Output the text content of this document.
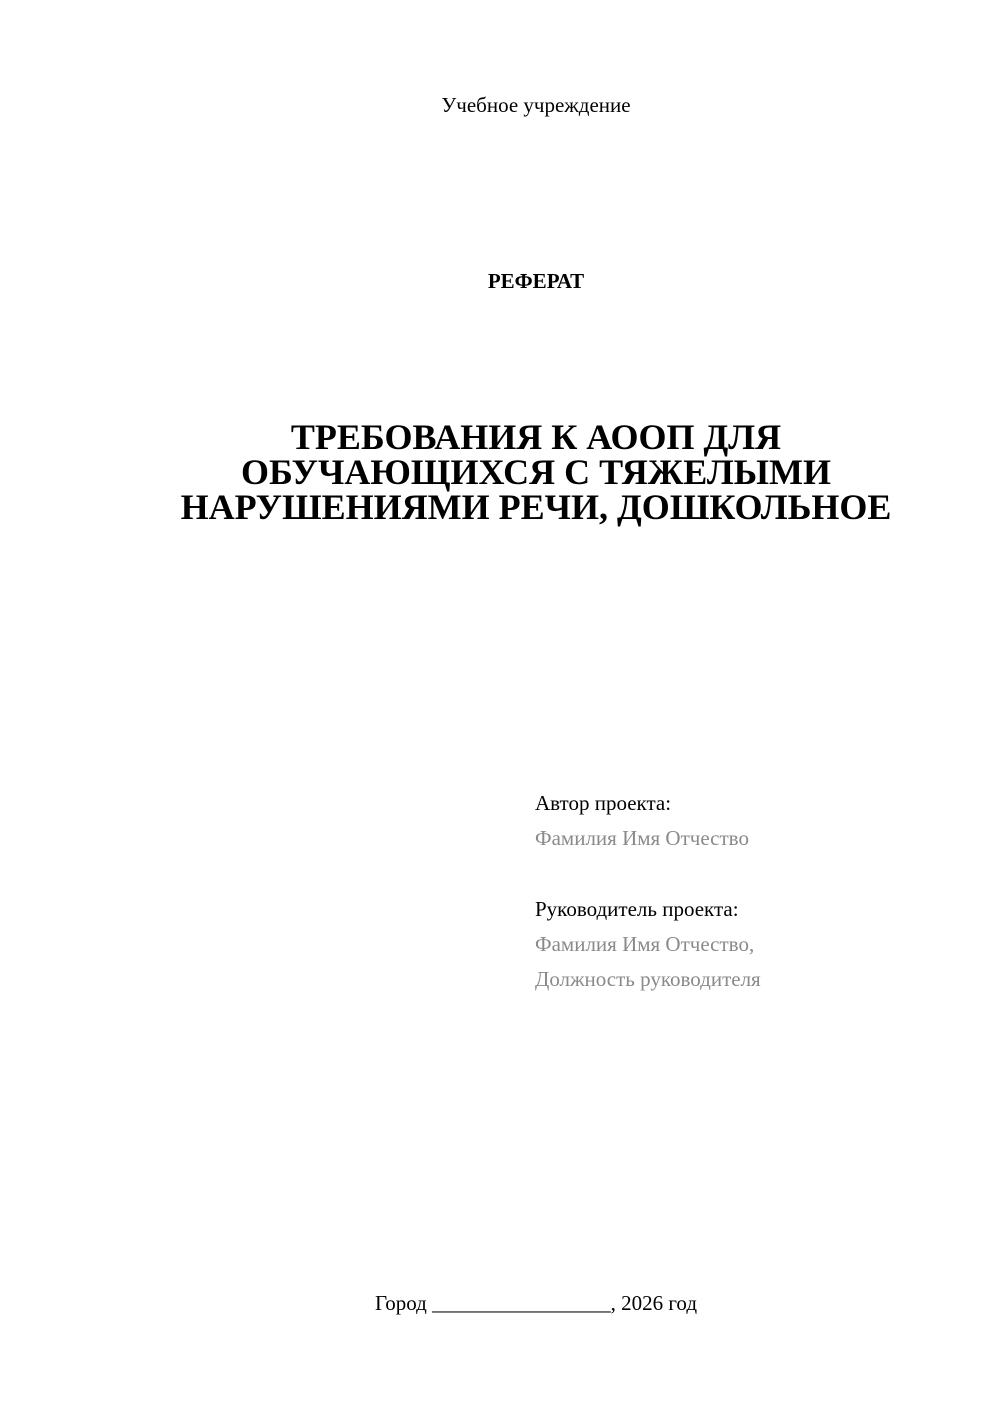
Учебное учреждение
РЕФЕРАТ
ТРЕБОВАНИЯ К АООП ДЛЯ
ОБУЧАЮЩИХСЯ С ТЯЖЕЛЫМИ
НАРУШЕНИЯМИ РЕЧИ, ДОШКОЛЬНОЕ
Автор проекта:
Фамилия Имя Отчество
Руководитель проекта:
Фамилия Имя Отчество,
Должность руководителя
Город _________________, 2026 год
